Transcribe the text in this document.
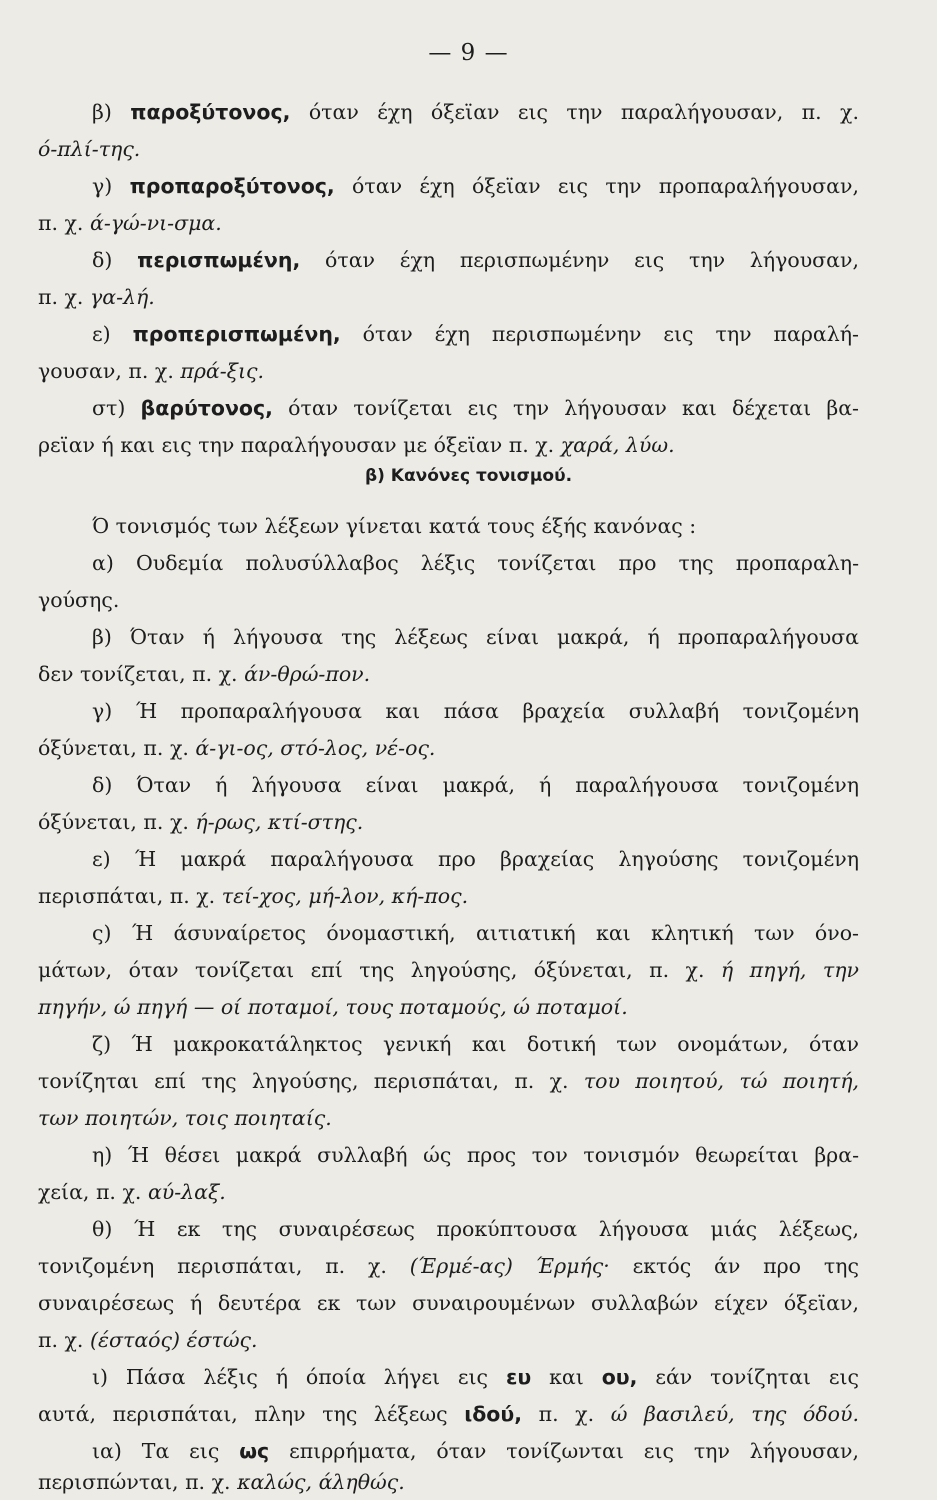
— 9 —
β) παροξύτονος, όταν έχη όξεϊαν εις την παραλήγουσαν, π. χ.
ό-πλί-της.
γ) προπαροξύτονος, όταν έχη όξεϊαν εις την προπαραλήγουσαν,
π. χ. ά-γώ-νι-σμα.
δ) περισπωμένη, όταν έχη περισπωμένην εις την λήγουσαν,
π. χ. γα-λή.
ε) προπερισπωμένη, όταν έχη περισπωμένην εις την παραλή-
γουσαν, π. χ. πρά-ξις.
στ) βαρύτονος, όταν τονίζεται εις την λήγουσαν και δέχεται βα-
ρεϊαν ή και εις την παραλήγουσαν με όξεϊαν π. χ. χαρά, λύω.
β) Κανόνες τονισμού.
Ό τονισμός των λέξεων γίνεται κατά τους έξής κανόνας :
α) Ουδεμία πολυσύλλαβος λέξις τονίζεται προ της προπαραλη-
γούσης.
β) Όταν ή λήγουσα της λέξεως είναι μακρά, ή προπαραλήγουσα
δεν τονίζεται, π. χ. άν-θρώ-πον.
γ) Ή προπαραλήγουσα και πάσα βραχεία συλλαβή τονιζομένη
όξύνεται, π. χ. ά-γι-ος, στό-λος, νέ-ος.
δ) Όταν ή λήγουσα είναι μακρά, ή παραλήγουσα τονιζομένη
όξύνεται, π. χ. ή-ρως, κτί-στης.
ε) Ή μακρά παραλήγουσα προ βραχείας ληγούσης τονιζομένη
περισπάται, π. χ. τεί-χος, μή-λον, κή-πος.
ς) Ή άσυναίρετος όνομαστική, αιτιατική και κλητική των όνο-
μάτων, όταν τονίζεται επί της ληγούσης, όξύνεται, π. χ. ή πηγή, την
πηγήν, ώ πηγή — οί ποταμοί, τους ποταμούς, ώ ποταμοί.
ζ) Ή μακροκατάληκτος γενική και δοτική των ονομάτων, όταν
τονίζηται επί της ληγούσης, περισπάται, π. χ. του ποιητού, τώ ποιητή,
των ποιητών, τοις ποιηταίς.
η) Ή θέσει μακρά συλλαβή ώς προς τον τονισμόν θεωρείται βρα-
χεία, π. χ. αύ-λαξ.
θ) Ή εκ της συναιρέσεως προκύπτουσα λήγουσα μιάς λέξεως,
τονιζομένη περισπάται, π. χ. (Έρμέ-ας) Έρμής· εκτός άν προ της
συναιρέσεως ή δευτέρα εκ των συναιρουμένων συλλαβών είχεν όξεϊαν,
π. χ. (έσταός) έστώς.
ι) Πάσα λέξις ή όποία λήγει εις ευ και ου, εάν τονίζηται εις
αυτά, περισπάται, πλην της λέξεως ιδού, π. χ. ώ βασιλεύ, της όδού.
ια) Τα εις ως επιρρήματα, όταν τονίζωνται εις την λήγουσαν,
περισπώνται, π. χ. καλώς, άληθώς.
